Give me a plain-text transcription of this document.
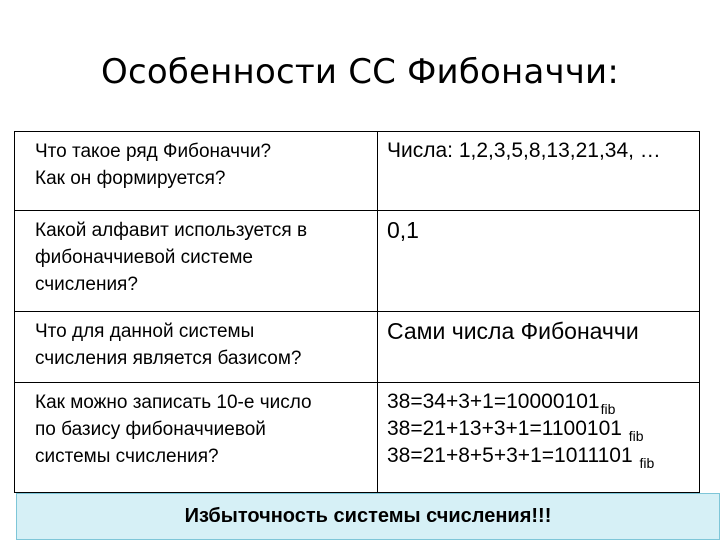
Особенности СС Фибоначчи:
Что такое ряд Фибоначчи?
Как он формируется?	Числа: 1,2,3,5,8,13,21,34, …

Какой алфавит используется в
фибоначчиевой системе
счисления?	0,1

Что для данной системы
счисления является базисом?	Сами числа Фибоначчи

Как можно записать 10-е число
по базису фибоначчиевой
системы счисления?	$38=34+3+1=10000101_{fib}$
38=21+13+3+1=1100101 $_{fib}$
38=21+8+5+3+1=1011101 $_{fib}$
Избыточность системы счисления!!!
